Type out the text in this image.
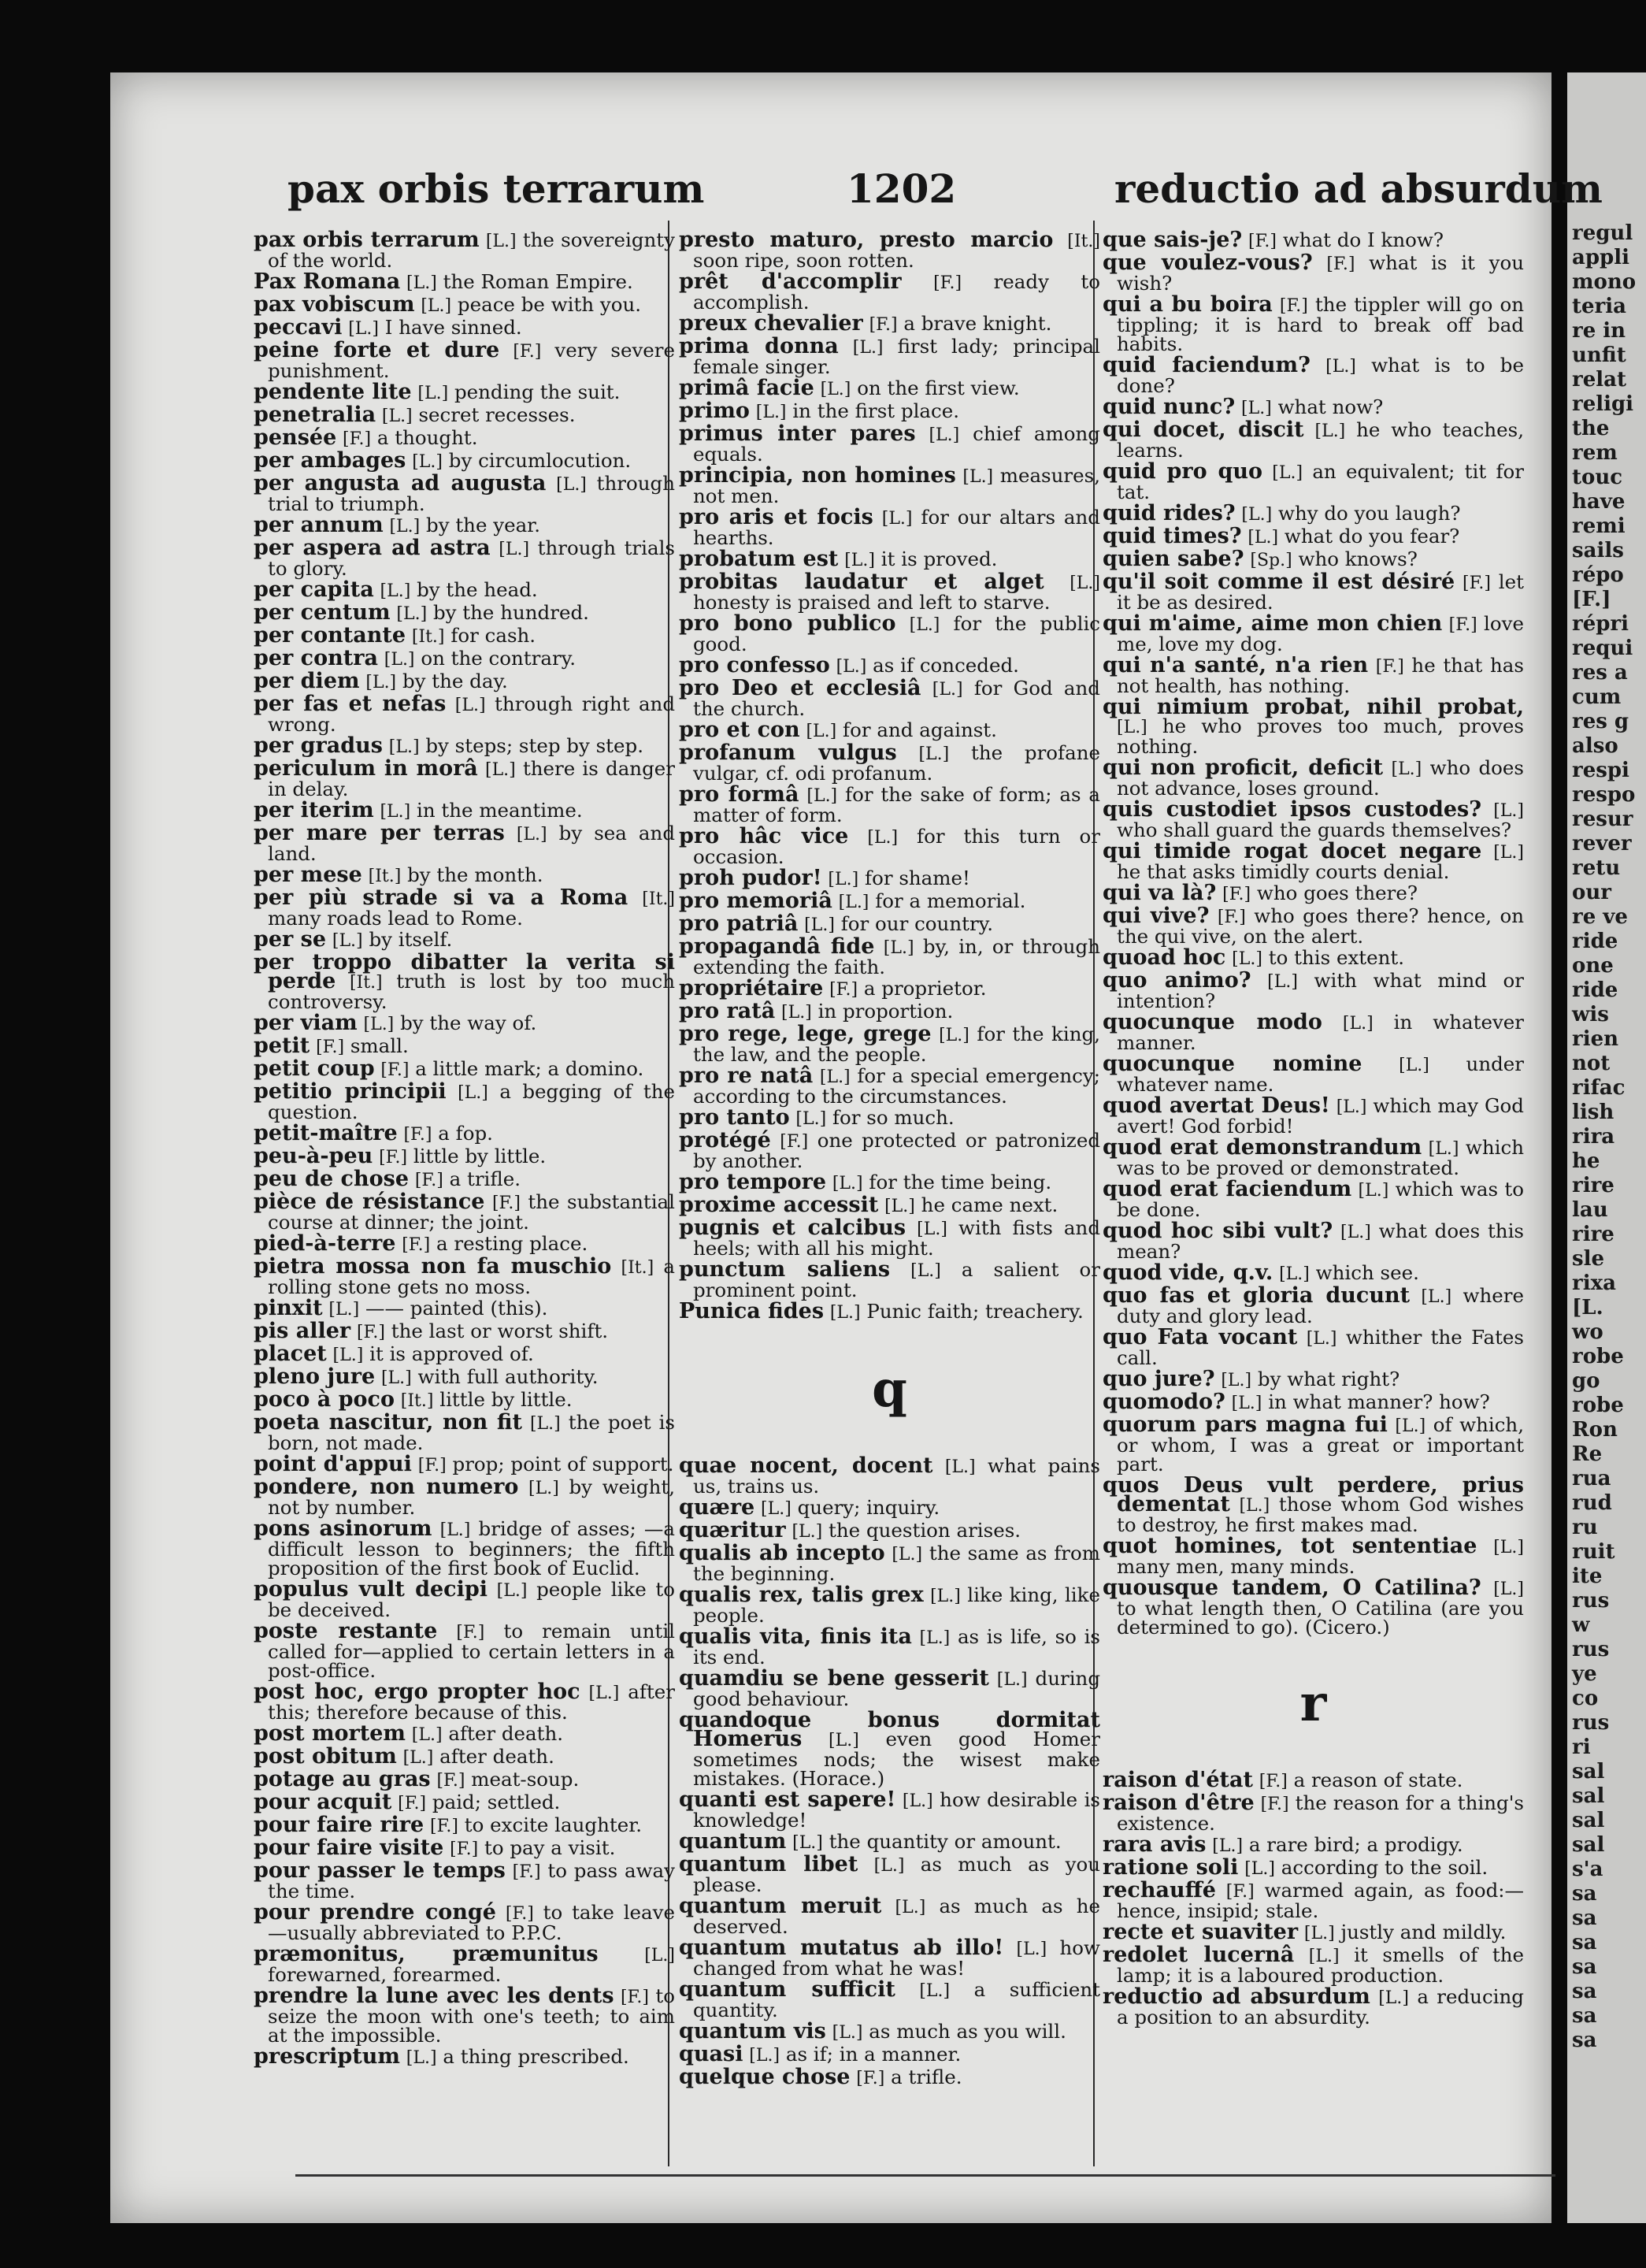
regul
appli
mono
teria
re in
unfit
relat
religi
the
rem
touc
have
remi
sails
répo
[F.]
répri
requi
res a
cum
res g
also
respi
respo
resur
rever
retu
our
re ve
ride
one
ride
wis
rien
not
rifac
lish
rira
he
rire
lau
rire
sle
rixa
[L.
wo
robe
go
robe
Ron
Re
rua
rud
ru
ruit
ite
rus
w
rus
ye
co
rus
ri
sal
sal
sal
sal
s'a
sa
sa
sa
sa
sa
sa
sa
pax orbis terrarum	1202	reductio ad absurdum
pax orbis terrarum [L.] the sovereignty of the world.
Pax Romana [L.] the Roman Empire.
pax vobiscum [L.] peace be with you.
peccavi [L.] I have sinned.
peine forte et dure [F.] very severe punishment.
pendente lite [L.] pending the suit.
penetralia [L.] secret recesses.
pensée [F.] a thought.
per ambages [L.] by circumlocution.
per angusta ad augusta [L.] through trial to triumph.
per annum [L.] by the year.
per aspera ad astra [L.] through trials to glory.
per capita [L.] by the head.
per centum [L.] by the hundred.
per contante [It.] for cash.
per contra [L.] on the contrary.
per diem [L.] by the day.
per fas et nefas [L.] through right and wrong.
per gradus [L.] by steps; step by step.
periculum in morâ [L.] there is danger in delay.
per iterim [L.] in the meantime.
per mare per terras [L.] by sea and land.
per mese [It.] by the month.
per più strade si va a Roma [It.] many roads lead to Rome.
per se [L.] by itself.
per troppo dibatter la verita si perde [It.] truth is lost by too much controversy.
per viam [L.] by the way of.
petit [F.] small.
petit coup [F.] a little mark; a domino.
petitio principii [L.] a begging of the question.
petit-maître [F.] a fop.
peu-à-peu [F.] little by little.
peu de chose [F.] a trifle.
pièce de résistance [F.] the substantial course at dinner; the joint.
pied-à-terre [F.] a resting place.
pietra mossa non fa muschio [It.] a rolling stone gets no moss.
pinxit [L.] —— painted (this).
pis aller [F.] the last or worst shift.
placet [L.] it is approved of.
pleno jure [L.] with full authority.
poco à poco [It.] little by little.
poeta nascitur, non fit [L.] the poet is born, not made.
point d'appui [F.] prop; point of support.
pondere, non numero [L.] by weight, not by number.
pons asinorum [L.] bridge of asses; —a difficult lesson to beginners; the fifth proposition of the first book of Euclid.
populus vult decipi [L.] people like to be deceived.
poste restante [F.] to remain until called for—applied to certain letters in a post-office.
post hoc, ergo propter hoc [L.] after this; therefore because of this.
post mortem [L.] after death.
post obitum [L.] after death.
potage au gras [F.] meat-soup.
pour acquit [F.] paid; settled.
pour faire rire [F.] to excite laughter.
pour faire visite [F.] to pay a visit.
pour passer le temps [F.] to pass away the time.
pour prendre congé [F.] to take leave—usually abbreviated to P.P.C.
præmonitus, præmunitus	[L.] forewarned, forearmed.
prendre la lune avec les dents [F.] to seize the moon with one's teeth; to aim at the impossible.
prescriptum [L.] a thing prescribed.
presto maturo, presto marcio [It.] soon ripe, soon rotten.
prêt d'accomplir [F.] ready to accomplish.
preux chevalier [F.] a brave knight.
prima donna [L.] first lady; principal female singer.
primâ facie [L.] on the first view.
primo [L.] in the first place.
primus inter pares [L.] chief among equals.
principia, non homines [L.] measures, not men.
pro aris et focis [L.] for our altars and hearths.
probatum est [L.] it is proved.
probitas laudatur et alget [L.] honesty is praised and left to starve.
pro bono publico [L.] for the public good.
pro confesso [L.] as if conceded.
pro Deo et ecclesiâ [L.] for God and the church.
pro et con [L.] for and against.
profanum vulgus [L.] the profane vulgar, cf. odi profanum.
pro formâ [L.] for the sake of form; as a matter of form.
pro hâc vice [L.] for this turn or occasion.
proh pudor! [L.] for shame!
pro memoriâ [L.] for a memorial.
pro patriâ [L.] for our country.
propagandâ fide [L.] by, in, or through extending the faith.
propriétaire [F.] a proprietor.
pro ratâ [L.] in proportion.
pro rege, lege, grege [L.] for the king, the law, and the people.
pro re natâ [L.] for a special emergency; according to the circumstances.
pro tanto [L.] for so much.
protégé [F.] one protected or patronized by another.
pro tempore [L.] for the time being.
proxime accessit [L.] he came next.
pugnis et calcibus [L.] with fists and heels; with all his might.
punctum saliens [L.] a salient or prominent point.
Punica fides [L.] Punic faith; treachery.
q
quae nocent, docent [L.] what pains us, trains us.
quære [L.] query; inquiry.
quæritur [L.] the question arises.
qualis ab incepto [L.] the same as from the beginning.
qualis rex, talis grex [L.] like king, like people.
qualis vita, finis ita [L.] as is life, so is its end.
quamdiu se bene gesserit [L.] during good behaviour.
quandoque bonus dormitat Homerus [L.] even good Homer sometimes nods; the wisest make mistakes. (Horace.)
quanti est sapere! [L.] how desirable is knowledge!
quantum [L.] the quantity or amount.
quantum libet [L.] as much as you please.
quantum meruit [L.] as much as he deserved.
quantum mutatus ab illo! [L.] how changed from what he was!
quantum sufficit [L.] a sufficient quantity.
quantum vis [L.] as much as you will.
quasi [L.] as if; in a manner.
quelque chose [F.] a trifle.
que sais-je? [F.] what do I know?
que voulez-vous? [F.] what is it you wish?
qui a bu boira [F.] the tippler will go on tippling; it is hard to break off bad habits.
quid faciendum? [L.] what is to be done?
quid nunc? [L.] what now?
qui docet, discit [L.] he who teaches, learns.
quid pro quo [L.] an equivalent; tit for tat.
quid rides? [L.] why do you laugh?
quid times? [L.] what do you fear?
quien sabe? [Sp.] who knows?
qu'il soit comme il est désiré [F.] let it be as desired.
qui m'aime, aime mon chien [F.] love me, love my dog.
qui n'a santé, n'a rien [F.] he that has not health, has nothing.
qui nimium probat, nihil probat, [L.] he who proves too much, proves nothing.
qui non proficit, deficit [L.] who does not advance, loses ground.
quis custodiet ipsos custodes? [L.] who shall guard the guards themselves?
qui timide rogat docet negare [L.] he that asks timidly courts denial.
qui va là? [F.] who goes there?
qui vive? [F.] who goes there? hence, on the qui vive, on the alert.
quoad hoc [L.] to this extent.
quo animo? [L.] with what mind or intention?
quocunque modo [L.] in whatever manner.
quocunque nomine [L.] under whatever name.
quod avertat Deus! [L.] which may God avert! God forbid!
quod erat demonstrandum [L.] which was to be proved or demonstrated.
quod erat faciendum [L.] which was to be done.
quod hoc sibi vult? [L.] what does this mean?
quod vide, q.v. [L.] which see.
quo fas et gloria ducunt [L.] where duty and glory lead.
quo Fata vocant [L.] whither the Fates call.
quo jure? [L.] by what right?
quomodo? [L.] in what manner? how?
quorum pars magna fui [L.] of which, or whom, I was a great or important part.
quos Deus vult perdere, prius dementat [L.] those whom God wishes to destroy, he first makes mad.
quot homines, tot sententiae [L.] many men, many minds.
quousque tandem, O Catilina? [L.] to what length then, O Catilina (are you determined to go). (Cicero.)
r
raison d'état [F.] a reason of state.
raison d'être [F.] the reason for a thing's existence.
rara avis [L.] a rare bird; a prodigy.
ratione soli [L.] according to the soil.
rechauffé [F.] warmed again, as food:—hence, insipid; stale.
recte et suaviter [L.] justly and mildly.
redolet lucernâ [L.] it smells of the lamp; it is a laboured production.
reductio ad absurdum [L.] a reducing a position to an absurdity.
